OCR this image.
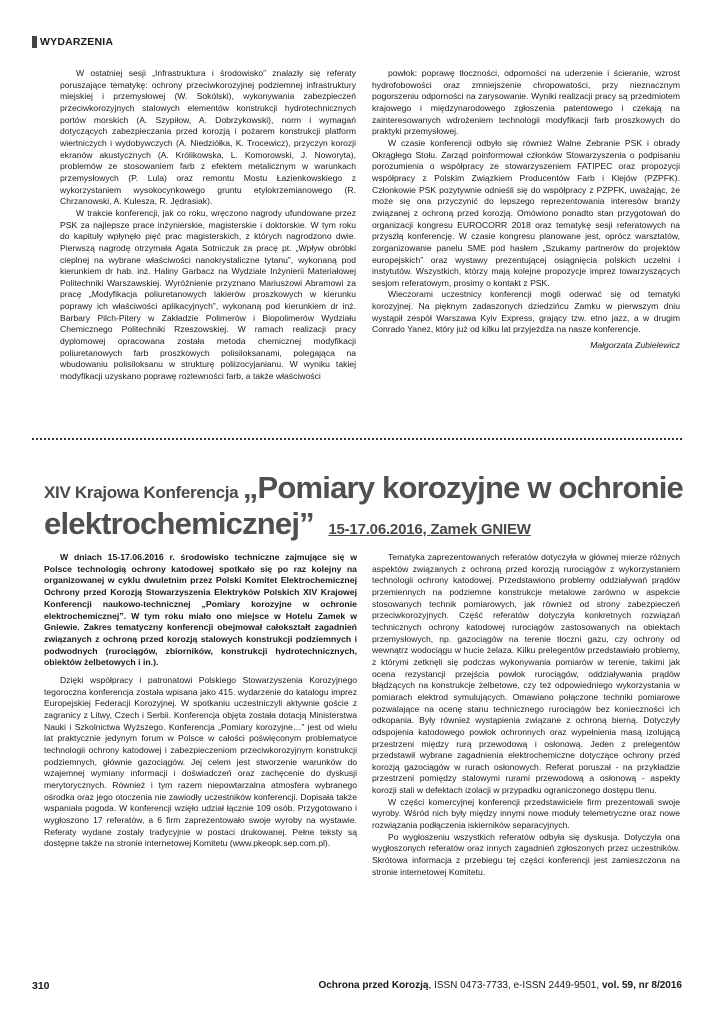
WYDARZENIA

W ostatniej sesji „Infrastruktura i środowisko” znalazły się referaty poruszające tematykę: ochrony przeciwkorozyjnej podziemnej infrastruktury miejskiej i przemysłowej (W. Sokólski), wykonywania zabezpieczeń przeciwkorozyjnych stalowych elementów konstrukcji hydrotechnicznych portów morskich (A. Szypiłow, A. Dobrzykowski), norm i wymagań dotyczących zabezpieczania przed korozją i pożarem konstrukcji platform wiertniczych i wydobywczych (A. Niedziółka, K. Trocewicz), przyczyn korozji ekranów akustycznych (A. Królikowska, L. Komorowski, J. Noworyta), problemów ze stosowaniem farb z efektem metalicznym w warunkach przemysłowych (P. Lula) oraz remontu Mostu Łazienkowskiego z wykorzystaniem wysokocynkowego gruntu etylokrzemianowego (R. Chrzanowski, A. Kulesza, R. Jędrasiak).

W trakcie konferencji, jak co roku, wręczono nagrody ufundowane przez PSK za najlepsze prace inżynierskie, magisterskie i doktorskie. W tym roku do kapituły wpłynęło pięć prac magisterskich, z których nagrodzono dwie. Pierwszą nagrodę otrzymała Agata Sotniczuk za pracę pt. „Wpływ obróbki cieplnej na wybrane właściwości nanokrystaliczne tytanu”, wykonaną pod kierunkiem dr hab. inż. Haliny Garbacz na Wydziale Inżynierii Materiałowej Politechniki Warszawskiej. Wyróżnienie przyznano Mariuszowi Abramowi za pracę „Modyfikacja poliuretanowych lakierów proszkowych w kierunku poprawy ich właściwości aplikacyjnych”, wykonaną pod kierunkiem dr inż. Barbary Pilch-Pitery w Zakładzie Polimerów i Biopolimerów Wydziału Chemicznego Politechniki Rzeszowskiej. W ramach realizacji pracy dyplomowej opracowana została metoda chemicznej modyfikacji poliuretanowych farb proszkowych polisiloksanami, polegająca na wbudowaniu polisiloksanu w strukturę poliizocyjanianu. W wyniku takiej modyfikacji uzyskano poprawę rozlewności farb, a także właściwości

powłok: poprawę tłoczności, odporności na uderzenie i ścieranie, wzrost hydrofobowości oraz zmniejszenie chropowatości, przy nieznacznym pogorszeniu odporności na zarysowanie. Wyniki realizacji pracy są przedmiotem krajowego i międzynarodowego zgłoszenia patentowego i czekają na zainteresowanych wdrożeniem technologii modyfikacji farb proszkowych do praktyki przemysłowej.

W czasie konferencji odbyło się również Walne Zebranie PSK i obrady Okrągłego Stołu. Zarząd poinformował członków Stowarzyszenia o podpisaniu porozumienia o współpracy ze stowarzyszeniem FATIPEC oraz propozycji współpracy z Polskim Związkiem Producentów Farb i Klejów (PZPFK). Członkowie PSK pozytywnie odnieśli się do współpracy z PZPFK, uważając, że może się ona przyczynić do lepszego reprezentowania interesów branży związanej z ochroną przed korozją. Omówiono ponadto stan przygotowań do organizacji kongresu EUROCORR 2018 oraz tematykę sesji referatowych na przyszłą konferencję. W czasie kongresu planowane jest, oprócz warsztatów, zorganizowanie panelu SME pod hasłem „Szukamy partnerów do projektów europejskich” oraz wystawy prezentującej osiągnięcia polskich uczelni i instytutów. Wszystkich, którzy mają kolejne propozycje imprez towarzyszących sesjom referatowym, prosimy o kontakt z PSK.

Wieczorami uczestnicy konferencji mogli oderwać się od tematyki korozyjnej. Na pięknym zadaszonych dziedzińcu Zamku w pierwszym dniu wystąpił zespół Warszawa Kyiv Express, grający tzw. etno jazz, a w drugim Conrado Yanez, który już od kilku lat przyjeżdża na nasze konferencje.

Małgorzata Zubielewicz

XIV Krajowa Konferencja „Pomiary korozyjne w ochronie
elektrochemicznej” 15-17.06.2016, Zamek GNIEW

W dniach 15-17.06.2016 r. środowisko techniczne zajmujące się w Polsce technologią ochrony katodowej spotkało się po raz kolejny na organizowanej w cyklu dwuletnim przez Polski Komitet Elektrochemicznej Ochrony przed Korozją Stowarzyszenia Elektryków Polskich XIV Krajowej Konferencji naukowo-technicznej „Pomiary korozyjne w ochronie elektrochemicznej”. W tym roku miało ono miejsce w Hotelu Zamek w Gniewie. Zakres tematyczny konferencji obejmował całokształt zagadnień związanych z ochroną przed korozją stalowych konstrukcji podziemnych i podwodnych (rurociągów, zbiorników, konstrukcji hydrotechnicznych, obiektów żelbetowych i in.).

Dzięki współpracy i patronatowi Polskiego Stowarzyszenia Korozyjnego tegoroczna konferencja została wpisana jako 415. wydarzenie do katalogu imprez Europejskiej Federacji Korozyjnej. W spotkaniu uczestniczyli aktywnie goście z zagranicy z Litwy, Czech i Serbii. Konferencja objęta została dotacją Ministerstwa Nauki i Szkolnictwa Wyższego. Konferencja „Pomiary korozyjne…” jest od wielu lat praktycznie jedynym forum w Polsce w całości poświęconym problematyce technologii ochrony katodowej i zabezpieczeniom przeciwkorozyjnym konstrukcji podziemnych, głównie gazociągów. Jej celem jest stworzenie warunków do wzajemnej wymiany informacji i doświadczeń oraz zachęcenie do dyskusji merytorycznych. Również i tym razem niepowtarzalna atmosfera wybranego ośrodka oraz jego otoczenia nie zawiodły uczestników konferencji. Dopisała także wspaniała pogoda. W konferencji wzięło udział łącznie 109 osób. Przygotowano i wygłoszono 17 referatów, a 6 firm zaprezentowało swoje wyroby na wystawie. Referaty wydane zostały tradycyjnie w postaci drukowanej. Pełne teksty są dostępne także na stronie internetowej Komitetu (www.pkeopk.sep.com.pl).

Tematyka zaprezentowanych referatów dotyczyła w głównej mierze różnych aspektów związanych z ochroną przed korozją rurociągów z wykorzystaniem technologii ochrony katodowej. Przedstawiono problemy oddziaływań prądów przemiennych na podziemne konstrukcje metalowe zarówno w aspekcie stosowanych technik pomiarowych, jak również od strony zabezpieczeń przeciwkorozyjnych. Część referatów dotyczyła konkretnych rozwiązań technicznych ochrony katodowej rurociągów zastosowanych na obiektach przemysłowych, np. gazociągów na terenie tłoczni gazu, czy ochrony od wewnątrz wodociągu w hucie żelaza. Kilku prelegentów przedstawiało problemy, z którymi zetknęli się podczas wykonywania pomiarów w terenie, takimi jak ocena rezystancji przejścia powłok rurociągów, oddziaływania prądów błądzących na konstrukcje żelbetowe, czy też odpowiedniego wykorzystania w pomiarach elektrod symulujących. Omawiano połączone techniki pomiarowe pozwalające na ocenę stanu technicznego rurociągów bez konieczności ich odkopania. Były również wystąpienia związane z ochroną bierną. Dotyczyły odspojenia katodowego powłok ochronnych oraz wypełnienia masą izolującą przestrzeni między rurą przewodową i osłonową. Jeden z prelegentów przedstawił wybrane zagadnienia elektrochemiczne dotyczące ochrony przed korozją gazociągów w rurach osłonowych. Referat poruszał - na przykładzie przestrzeni pomiędzy stalowymi rurami przewodową a osłonową - aspekty korozji stali w defektach izolacji w przypadku ograniczonego dostępu tlenu.

W części komercyjnej konferencji przedstawiciele firm prezentowali swoje wyroby. Wśród nich były między innymi nowe moduły telemetryczne oraz nowe rozwiązania podłączenia iskierników separacyjnych.

Po wygłoszeniu wszystkich referatów odbyła się dyskusja. Dotyczyła ona wygłoszonych referatów oraz innych zagadnień zgłoszonych przez uczestników. Skrótowa informacja z przebiegu tej części konferencji jest zamieszczona na stronie internetowej Komitetu.

310	Ochrona przed Korozją, ISSN 0473-7733, e-ISSN 2449-9501, vol. 59, nr 8/2016
